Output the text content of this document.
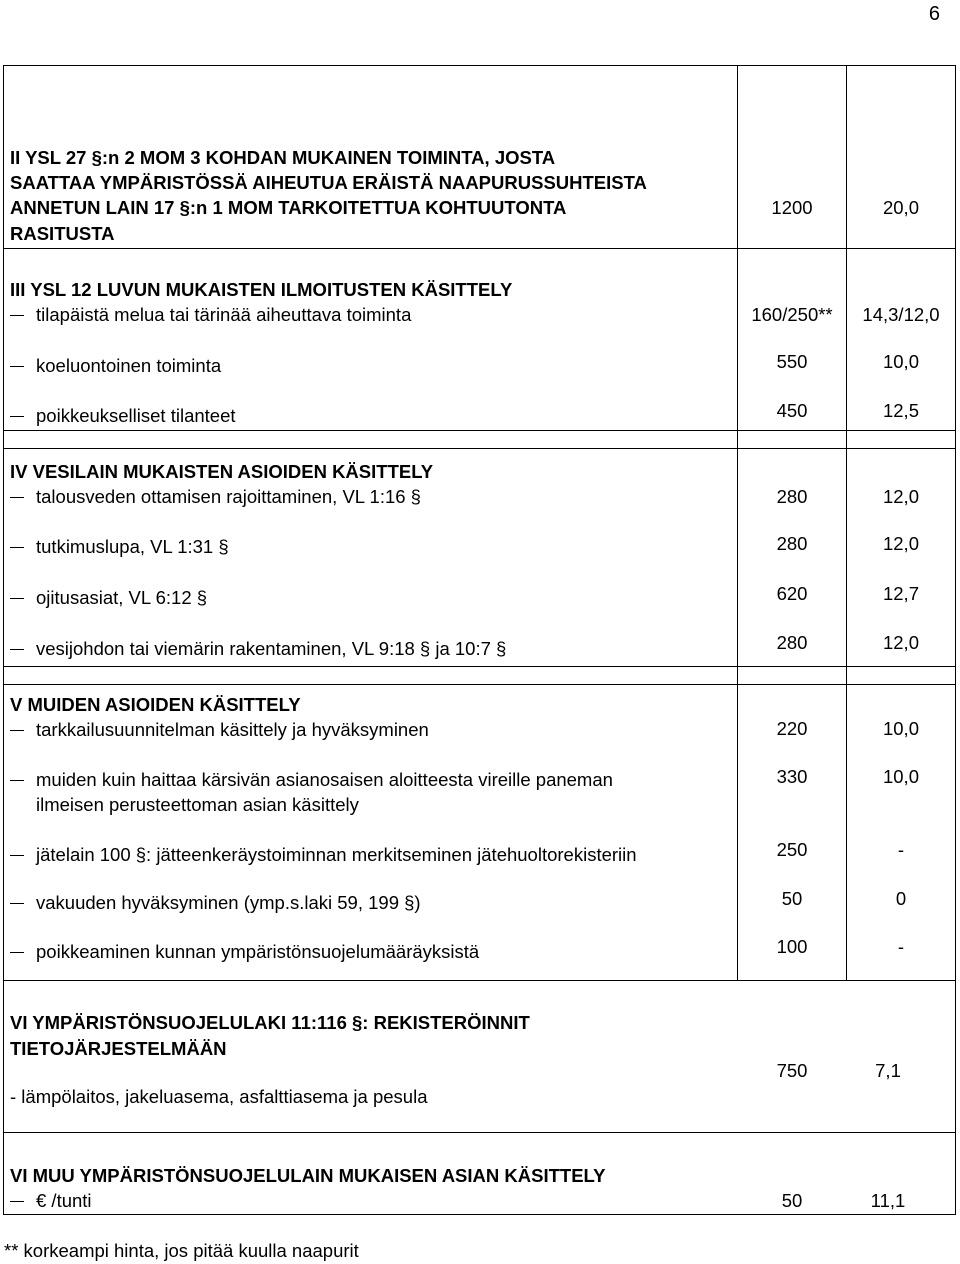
6
II YSL 27 §:n 2 MOM 3 KOHDAN MUKAINEN TOIMINTA, JOSTA
SAATTAA YMPÄRISTÖSSÄ AIHEUTUA ERÄISTÄ NAAPURUSSUHTEISTA
ANNETUN LAIN 17 §:n 1 MOM TARKOITETTUA KOHTUUTONTA
RASITUSTA
1200	20,0
III YSL 12 LUVUN MUKAISTEN ILMOITUSTEN KÄSITTELY
tilapäistä melua tai tärinää aiheuttava toiminta	160/250**	14,3/12,0
koeluontoinen toiminta	550	10,0
poikkeukselliset tilanteet	450	12,5
IV VESILAIN MUKAISTEN ASIOIDEN KÄSITTELY
talousveden ottamisen rajoittaminen, VL 1:16 §	280	12,0
tutkimuslupa, VL 1:31 §	280	12,0
ojitusasiat, VL 6:12 §	620	12,7
vesijohdon tai viemärin rakentaminen, VL 9:18 § ja 10:7 §	280	12,0
V MUIDEN ASIOIDEN KÄSITTELY
tarkkailusuunnitelman käsittely ja hyväksyminen	220	10,0
muiden kuin haittaa kärsivän asianosaisen aloitteesta vireille paneman
ilmeisen perusteettoman asian käsittely
330	10,0
jätelain 100 §: jätteenkeräystoiminnan merkitseminen jätehuoltorekisteriin	250	-
vakuuden hyväksyminen (ymp.s.laki 59, 199 §)	50	0
poikkeaminen kunnan ympäristönsuojelumääräyksistä	100	-
VI YMPÄRISTÖNSUOJELULAKI 11:116 §: REKISTERÖINNIT
TIETOJÄRJESTELMÄÄN
- lämpölaitos, jakeluasema, asfalttiasema ja pesula
750	7,1
VI MUU YMPÄRISTÖNSUOJELULAIN MUKAISEN ASIAN KÄSITTELY
€ /tunti	50	11,1
** korkeampi hinta, jos pitää kuulla naapurit
